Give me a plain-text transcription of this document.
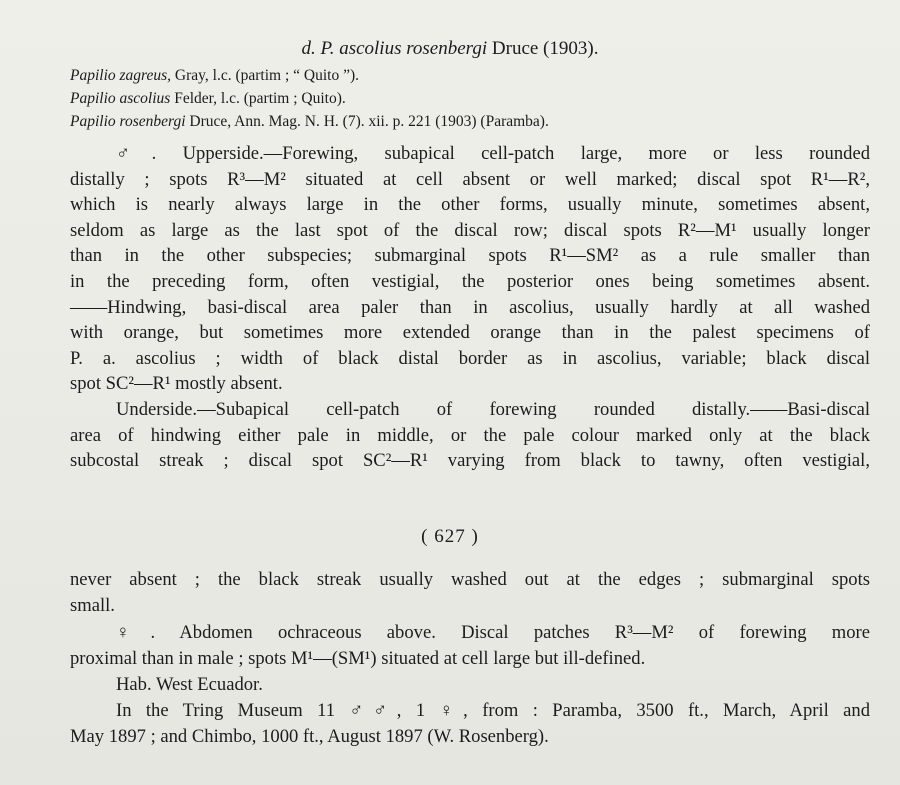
d. P. ascolius rosenbergi Druce (1903).
Papilio zagreus, Gray, l.c. (partim ; “ Quito ”).
Papilio ascolius Felder, l.c. (partim ; Quito).
Papilio rosenbergi Druce, Ann. Mag. N. H. (7). xii. p. 221 (1903) (Paramba).
♂. Upperside.—Forewing, subapical cell-patch large, more or less rounded
distally ; spots R³—M² situated at cell absent or well marked; discal spot R¹—R²,
which is nearly always large in the other forms, usually minute, sometimes absent,
seldom as large as the last spot of the discal row; discal spots R²—M¹ usually longer
than in the other subspecies; submarginal spots R¹—SM² as a rule smaller than
in the preceding form, often vestigial, the posterior ones being sometimes absent.
——Hindwing, basi-discal area paler than in ascolius, usually hardly at all washed
with orange, but sometimes more extended orange than in the palest specimens of
P. a. ascolius ; width of black distal border as in ascolius, variable; black discal
spot SC²—R¹ mostly absent.
Underside.—Subapical cell-patch of forewing rounded distally.——Basi-discal
area of hindwing either pale in middle, or the pale colour marked only at the black
subcostal streak ; discal spot SC²—R¹ varying from black to tawny, often vestigial,
( 627 )
never absent ; the black streak usually washed out at the edges ; submarginal spots
small.
♀. Abdomen ochraceous above. Discal patches R³—M² of forewing more
proximal than in male ; spots M¹—(SM¹) situated at cell large but ill-defined.
Hab. West Ecuador.
In the Tring Museum 11 ♂♂, 1 ♀, from : Paramba, 3500 ft., March, April and
May 1897 ; and Chimbo, 1000 ft., August 1897 (W. Rosenberg).
